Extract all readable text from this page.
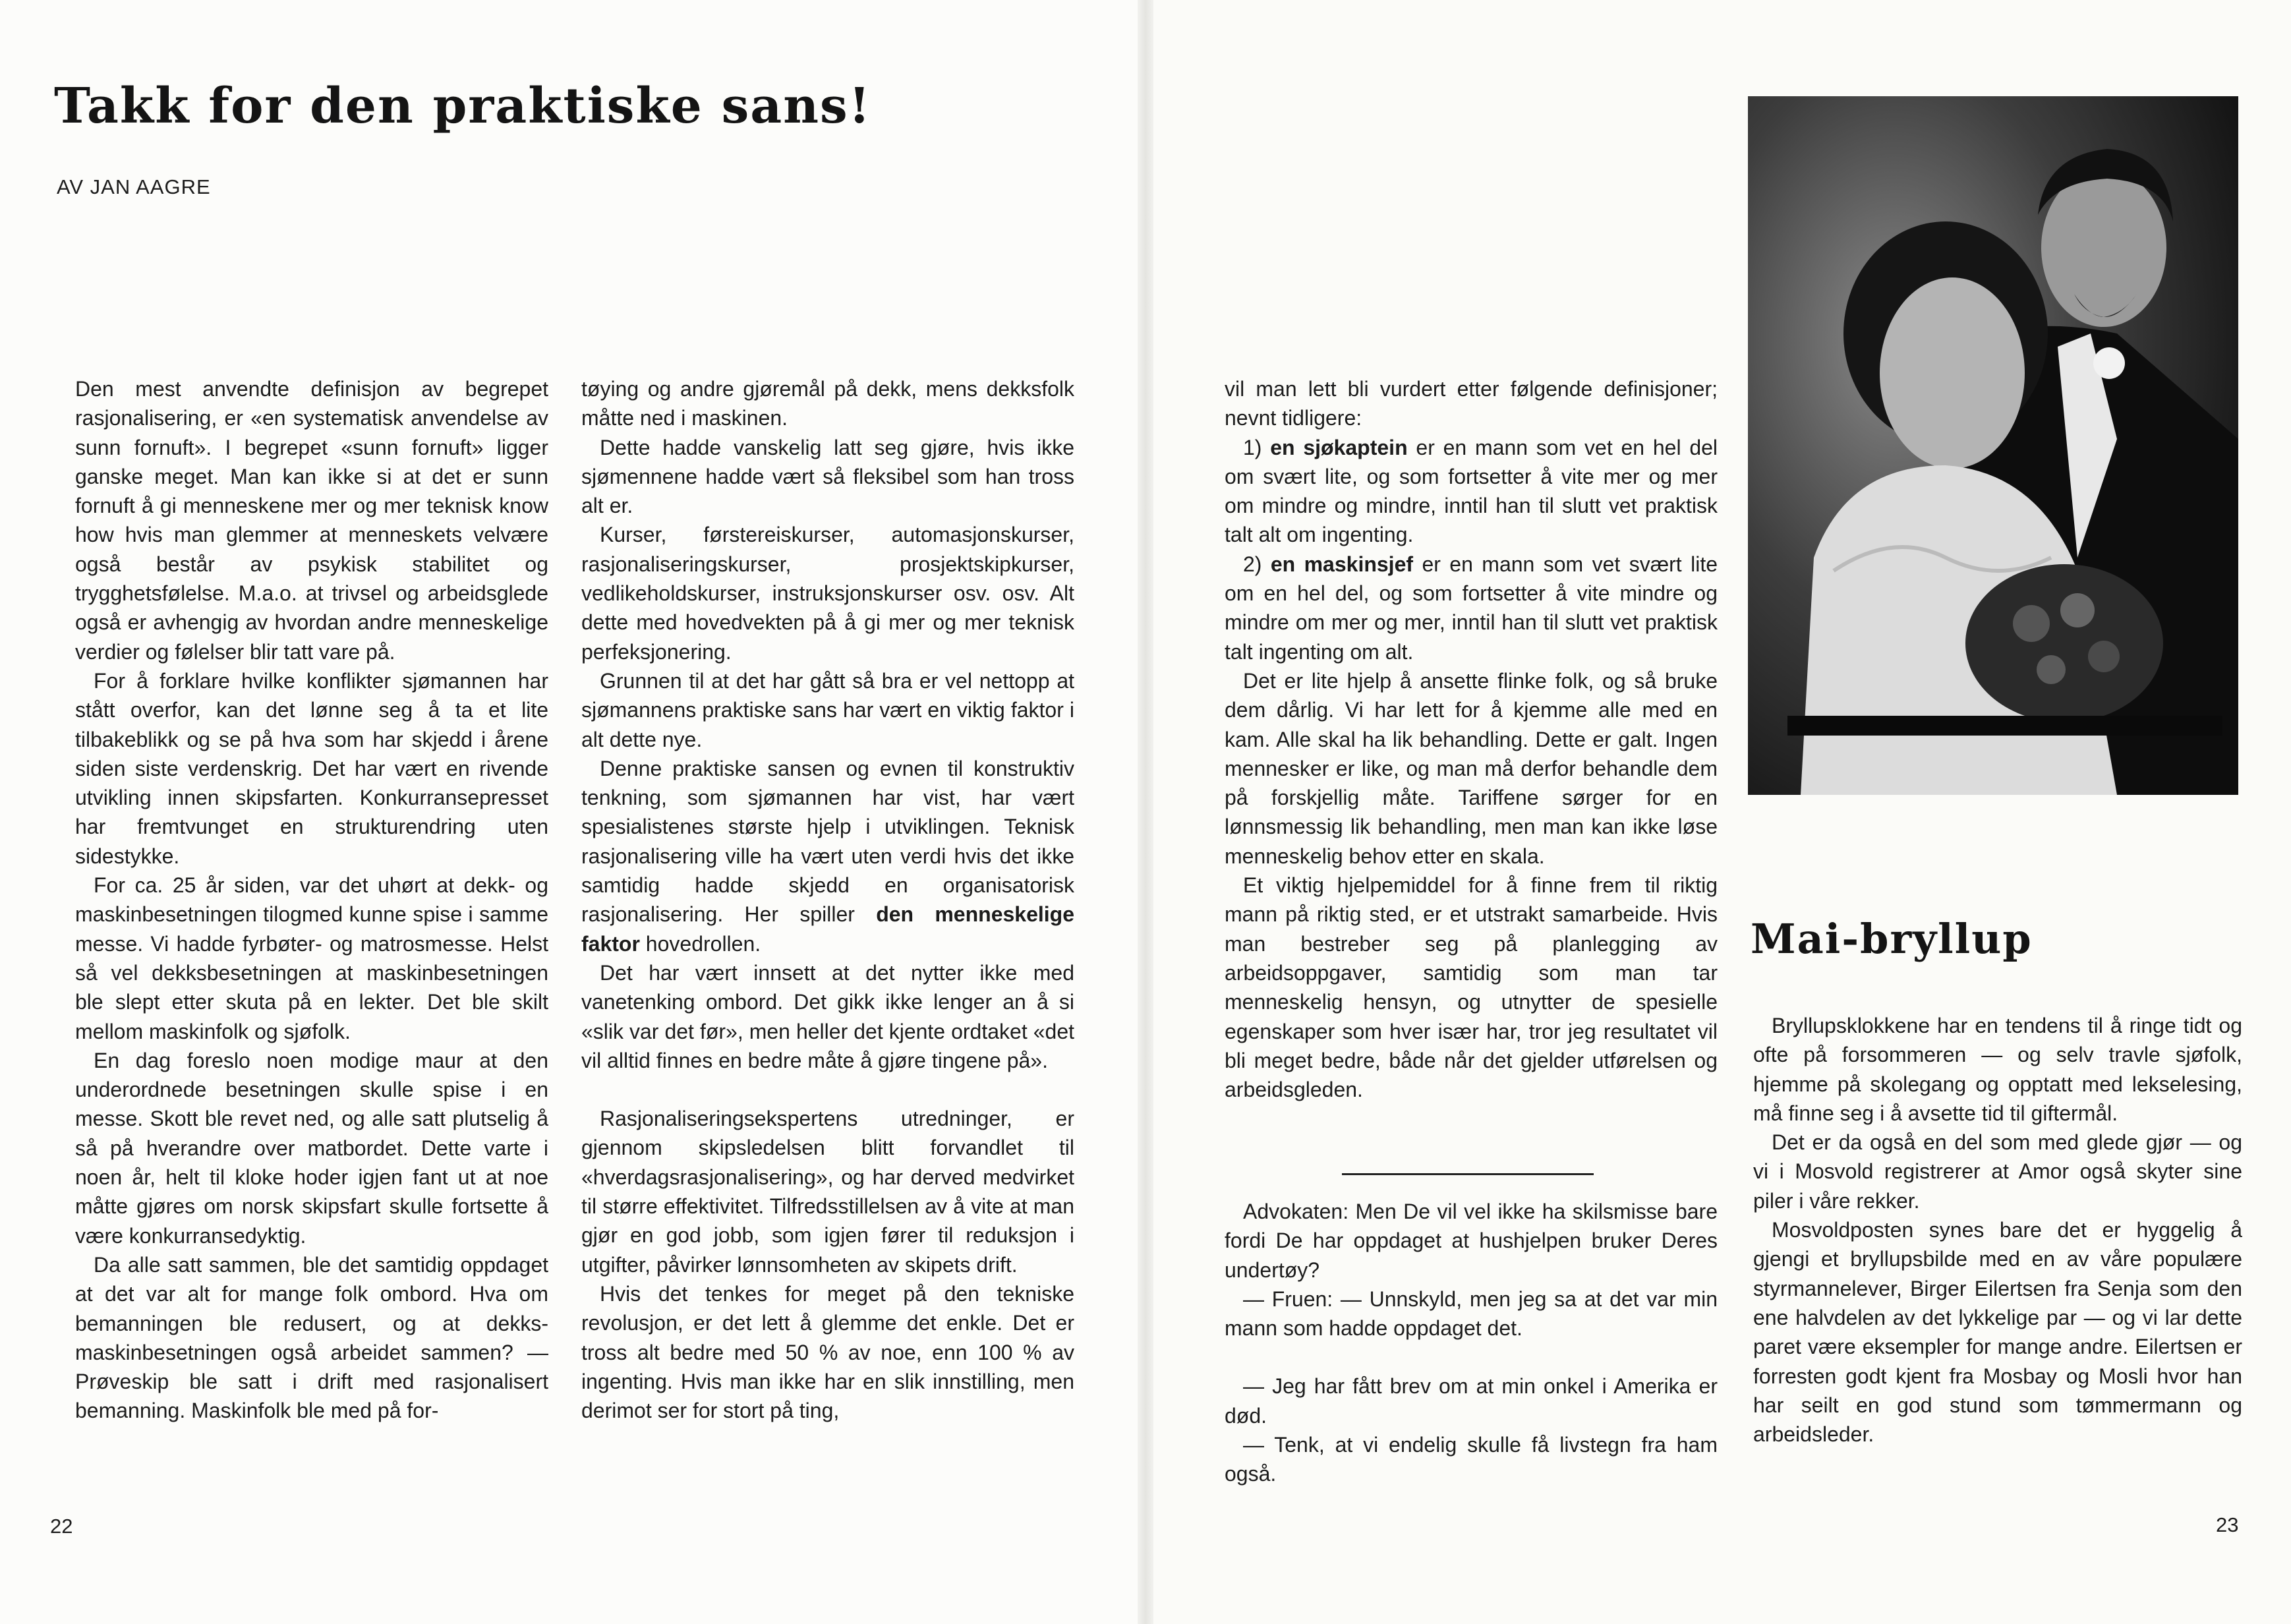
Takk for den praktiske sans!
AV JAN AAGRE

Den mest anvendte definisjon av begrepet rasjonalisering, er «en systematisk anvendelse av sunn fornuft». I begrepet «sunn fornuft» ligger ganske meget. Man kan ikke si at det er sunn fornuft å gi menneskene mer og mer teknisk know how hvis man glemmer at menneskets velvære også består av psykisk stabilitet og trygghetsfølelse. M.a.o. at trivsel og arbeidsglede også er avhengig av hvordan andre menneskelige verdier og følelser blir tatt vare på.

For å forklare hvilke konflikter sjømannen har stått overfor, kan det lønne seg å ta et lite tilbakeblikk og se på hva som har skjedd i årene siden siste verdenskrig. Det har vært en rivende utvikling innen skipsfarten. Konkurransepresset har fremtvunget en strukturendring uten sidestykke.

For ca. 25 år siden, var det uhørt at dekk- og maskinbesetningen tilogmed kunne spise i samme messe. Vi hadde fyrbøter- og matrosmesse. Helst så vel dekksbesetningen at maskinbesetningen ble slept etter skuta på en lekter. Det ble skilt mellom maskinfolk og sjøfolk.

En dag foreslo noen modige maur at den underordnede besetningen skulle spise i en messe. Skott ble revet ned, og alle satt plutselig å så på hverandre over matbordet. Dette varte i noen år, helt til kloke hoder igjen fant ut at noe måtte gjøres om norsk skipsfart skulle fortsette å være konkurransedyktig.

Da alle satt sammen, ble det samtidig oppdaget at det var alt for mange folk ombord. Hva om bemanningen ble redusert, og at dekks- maskinbesetningen også arbeidet sammen? — Prøveskip ble satt i drift med rasjonalisert bemanning. Maskinfolk ble med på for-

tøying og andre gjøremål på dekk, mens dekksfolk måtte ned i maskinen.

Dette hadde vanskelig latt seg gjøre, hvis ikke sjømennene hadde vært så fleksibel som han tross alt er.

Kurser, førstereiskurser, automasjonskurser, rasjonaliseringskurser, prosjektskipkurser, vedlikeholdskurser, instruksjonskurser osv. osv. Alt dette med hovedvekten på å gi mer og mer teknisk perfeksjonering.

Grunnen til at det har gått så bra er vel nettopp at sjømannens praktiske sans har vært en viktig faktor i alt dette nye.

Denne praktiske sansen og evnen til konstruktiv tenkning, som sjømannen har vist, har vært spesialistenes største hjelp i utviklingen. Teknisk rasjonalisering ville ha vært uten verdi hvis det ikke samtidig hadde skjedd en organisatorisk rasjonalisering. Her spiller den menneskelige faktor hovedrollen.

Det har vært innsett at det nytter ikke med vanetenking ombord. Det gikk ikke lenger an å si «slik var det før», men heller det kjente ordtaket «det vil alltid finnes en bedre måte å gjøre tingene på».

Rasjonaliseringsekspertens utredninger, er gjennom skipsledelsen blitt forvandlet til «hverdagsrasjonalisering», og har derved medvirket til større effektivitet. Tilfredsstillelsen av å vite at man gjør en god jobb, som igjen fører til reduksjon i utgifter, påvirker lønnsomheten av skipets drift.

Hvis det tenkes for meget på den tekniske revolusjon, er det lett å glemme det enkle. Det er tross alt bedre med 50 % av noe, enn 100 % av ingenting. Hvis man ikke har en slik innstilling, men derimot ser for stort på ting,

22

vil man lett bli vurdert etter følgende definisjoner; nevnt tidligere:

1) en sjøkaptein er en mann som vet en hel del om svært lite, og som fortsetter å vite mer og mer om mindre og mindre, inntil han til slutt vet praktisk talt alt om ingenting.

2) en maskinsjef er en mann som vet svært lite om en hel del, og som fortsetter å vite mindre og mindre om mer og mer, inntil han til slutt vet praktisk talt ingenting om alt.

Det er lite hjelp å ansette flinke folk, og så bruke dem dårlig. Vi har lett for å kjemme alle med en kam. Alle skal ha lik behandling. Dette er galt. Ingen mennesker er like, og man må derfor behandle dem på forskjellig måte. Tariffene sørger for en lønnsmessig lik behandling, men man kan ikke løse menneskelig behov etter en skala.

Et viktig hjelpemiddel for å finne frem til riktig mann på riktig sted, er et utstrakt samarbeide. Hvis man bestreber seg på planlegging av arbeidsoppgaver, samtidig som man tar menneskelig hensyn, og utnytter de spesielle egenskaper som hver især har, tror jeg resultatet vil bli meget bedre, både når det gjelder utførelsen og arbeidsgleden.

Advokaten: Men De vil vel ikke ha skilsmisse bare fordi De har oppdaget at hushjelpen bruker Deres undertøy?

— Fruen: — Unnskyld, men jeg sa at det var min mann som hadde oppdaget det.

— Jeg har fått brev om at min onkel i Amerika er død.

— Tenk, at vi endelig skulle få livstegn fra ham også.

Mai-bryllup

Bryllupsklokkene har en tendens til å ringe tidt og ofte på forsommeren — og selv travle sjøfolk, hjemme på skolegang og opptatt med lekselesing, må finne seg i å avsette tid til giftermål.

Det er da også en del som med glede gjør — og vi i Mosvold registrerer at Amor også skyter sine piler i våre rekker.

Mosvoldposten synes bare det er hyggelig å gjengi et bryllupsbilde med en av våre populære styrmannelever, Birger Eilertsen fra Senja som den ene halvdelen av det lykkelige par — og vi lar dette paret være eksempler for mange andre. Eilertsen er forresten godt kjent fra Mosbay og Mosli hvor han har seilt en god stund som tømmermann og arbeidsleder.

23
